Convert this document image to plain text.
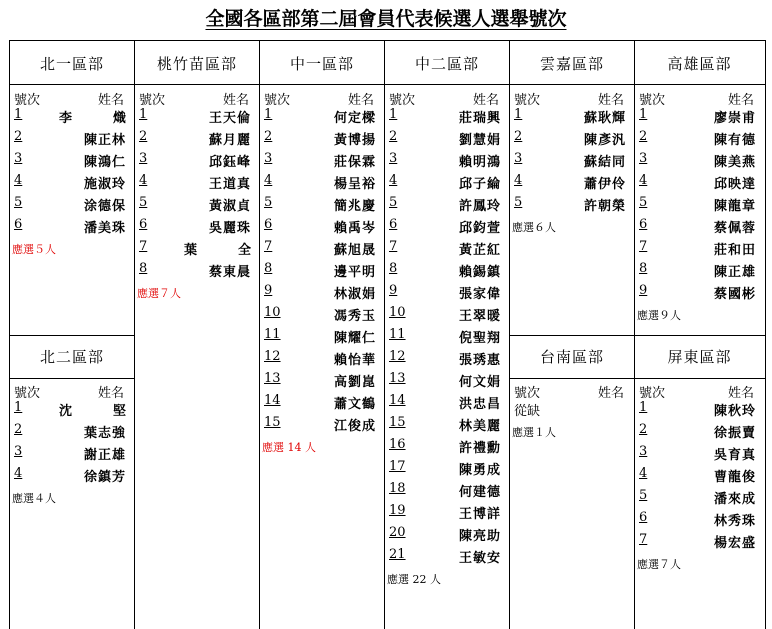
全國各區部第二屆會員代表候選人選舉號次
北一區部
號次	姓名
1	李　熾
2	陳正林
3	陳鴻仁
4	施淑玲
5	涂德保
6	潘美珠
應選５人
桃竹苗區部
號次	姓名
1	王天倫
2	蘇月麗
3	邱鈺峰
4	王道真
5	黃淑貞
6	吳麗珠
7	葉　全
8	蔡東晨
應選７人
中一區部
號次	姓名
1	何定樑
2	黃博揚
3	莊保霖
4	楊呈裕
5	簡兆慶
6	賴禹岑
7	蘇旭晟
8	邊平明
9	林淑娟
10	馮秀玉
11	陳耀仁
12	賴怡華
13	高劉崑
14	蕭文鶴
15	江俊成
應選 14 人
中二區部
號次	姓名
1	莊瑞興
2	劉慧娟
3	賴明鴻
4	邱子綸
5	許鳳玲
6	邱鈞萱
7	黃芷紅
8	賴錫鎮
9	張家偉
10	王翠暖
11	倪聖翔
12	張琇惠
13	何文娟
14	洪忠昌
15	林美麗
16	許禮勳
17	陳勇成
18	何建德
19	王博詳
20	陳亮助
21	王敏安
應選 22 人
雲嘉區部
號次	姓名
1	蘇耿輝
2	陳彥汎
3	蘇結同
4	蕭伊伶
5	許朝榮
應選６人
高雄區部
號次	姓名
1	廖崇甫
2	陳有德
3	陳美燕
4	邱映達
5	陳龍章
6	蔡佩蓉
7	莊和田
8	陳正雄
9	蔡國彬
應選９人
北二區部
號次	姓名
1	沈　堅
2	葉志強
3	謝正雄
4	徐鎮芳
應選４人
台南區部
號次	姓名
從缺
應選１人
屏東區部
號次	姓名
1	陳秋玲
2	徐振賣
3	吳育真
4	曹龍俊
5	潘來成
6	林秀珠
7	楊宏盛
應選７人
